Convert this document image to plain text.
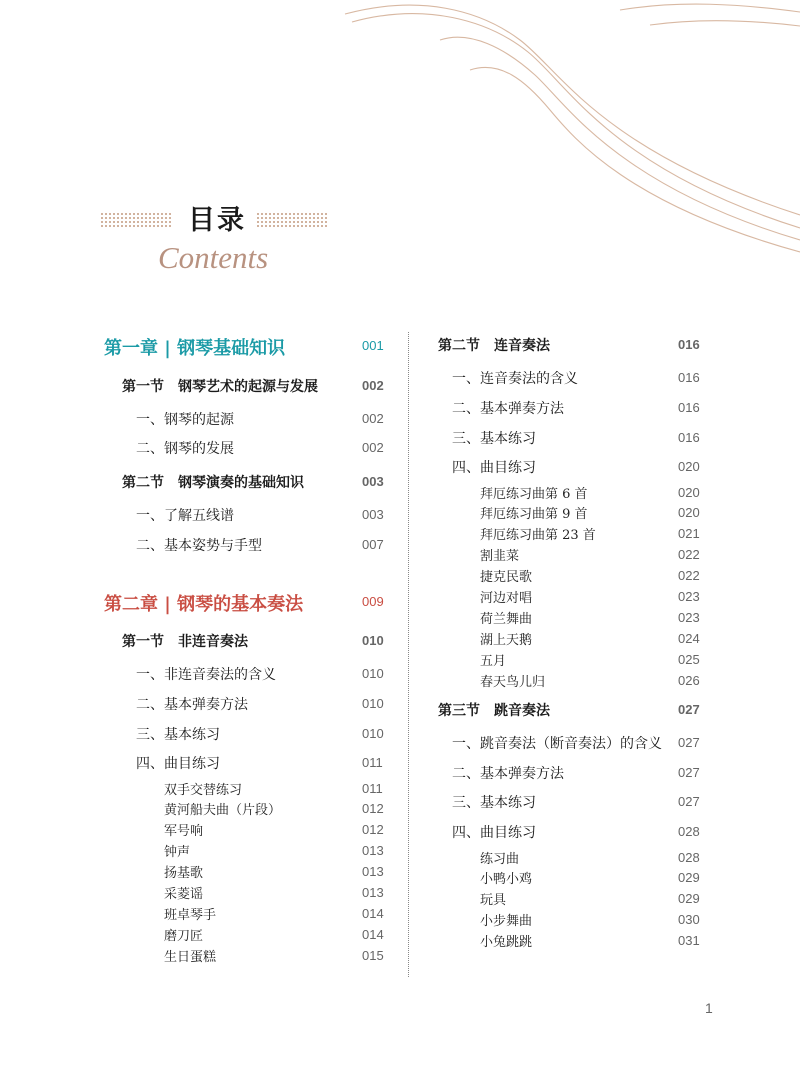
目录
Contents
第一章 | 钢琴基础知识	001
第一节 钢琴艺术的起源与发展	002
一、钢琴的起源	002
二、钢琴的发展	002
第二节 钢琴演奏的基础知识	003
一、了解五线谱	003
二、基本姿势与手型	007
第二章 | 钢琴的基本奏法	009
第一节 非连音奏法	010
一、非连音奏法的含义	010
二、基本弹奏方法	010
三、基本练习	010
四、曲目练习	011
双手交替练习	011
黄河船夫曲（片段）	012
军号响	012
钟声	013
扬基歌	013
采菱谣	013
班卓琴手	014
磨刀匠	014
生日蛋糕	015
第二节 连音奏法	016
一、连音奏法的含义	016
二、基本弹奏方法	016
三、基本练习	016
四、曲目练习	020
拜厄练习曲第 6 首	020
拜厄练习曲第 9 首	020
拜厄练习曲第 23 首	021
割韭菜	022
捷克民歌	022
河边对唱	023
荷兰舞曲	023
湖上天鹅	024
五月	025
春天鸟儿归	026
第三节 跳音奏法	027
一、跳音奏法（断音奏法）的含义 027
二、基本弹奏方法	027
三、基本练习	027
四、曲目练习	028
练习曲	028
小鸭小鸡	029
玩具	029
小步舞曲	030
小兔跳跳	031
1
